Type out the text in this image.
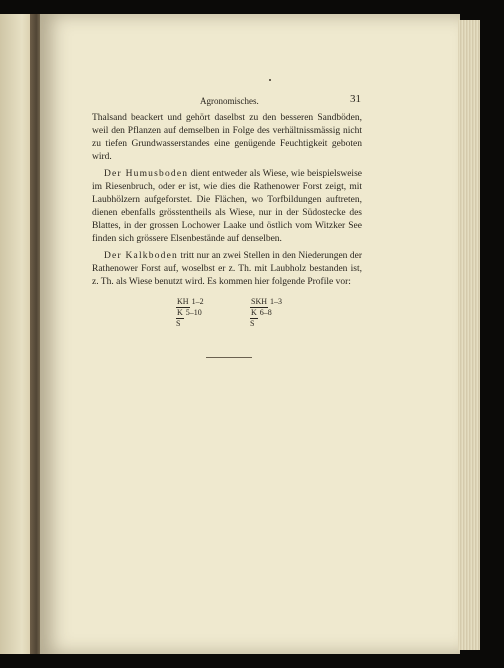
Agronomisches.	31

Thalsand beackert und gehört daselbst zu den besseren Sandböden, weil den Pflanzen auf demselben in Folge des verhältnissmässig nicht zu tiefen Grundwasserstandes eine genügende Feuchtigkeit geboten wird.

Der Humusboden dient entweder als Wiese, wie beispielsweise im Riesenbruch, oder er ist, wie dies die Rathenower Forst zeigt, mit Laubhölzern aufgeforstet. Die Flächen, wo Torfbildungen auftreten, dienen ebenfalls grösstentheils als Wiese, nur in der Südostecke des Blattes, in der grossen Lochower Laake und östlich vom Witzker See finden sich grössere Elsenbestände auf denselben.

Der Kalkboden tritt nur an zwei Stellen in den Niederungen der Rathenower Forst auf, woselbst er z. Th. mit Laubholz bestanden ist, z. Th. als Wiese benutzt wird. Es kommen hier folgende Profile vor:

KH 1–2
K 5–10
S
SKH 1–3
K 6–8
S
